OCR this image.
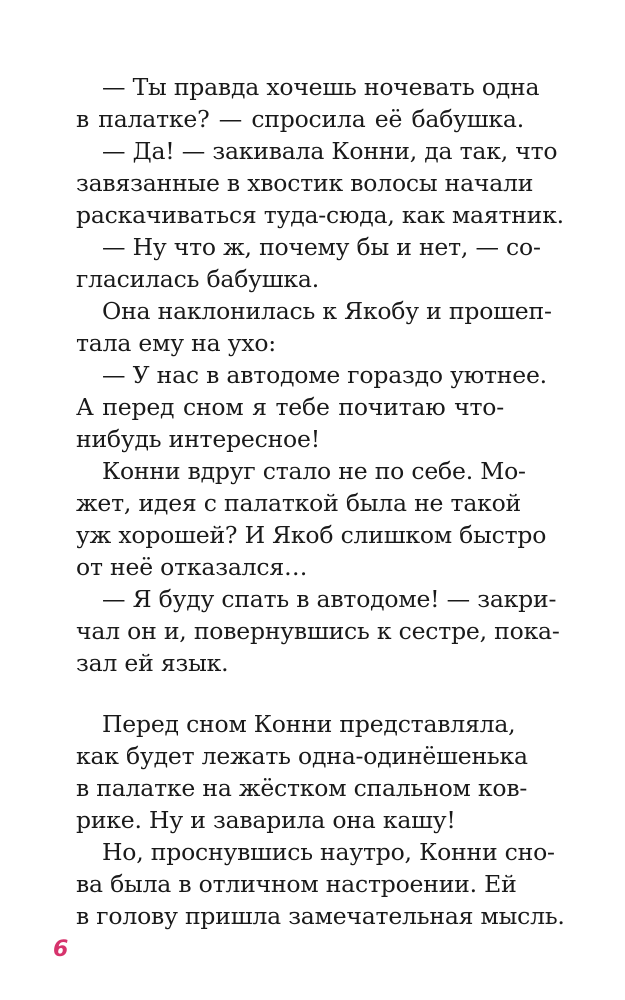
— Ты правда хочешь ночевать одна
в палатке? — спросила её бабушка.
— Да! — закивала Конни, да так, что
завязанные в хвостик волосы начали
раскачиваться туда-сюда, как маятник.
— Ну что ж, почему бы и нет, — со-
гласилась бабушка.
Она наклонилась к Якобу и прошеп-
тала ему на ухо:
— У нас в автодоме гораздо уютнее.
А перед сном я тебе почитаю что-
нибудь интересное!
Конни вдруг стало не по себе. Мо-
жет, идея с палаткой была не такой
уж хорошей? И Якоб слишком быстро
от неё отказался…
— Я буду спать в автодоме! — закри-
чал он и, повернувшись к сестре, пока-
зал ей язык.
Перед сном Конни представляла,
как будет лежать одна-одинёшенька
в палатке на жёстком спальном ков-
рике. Ну и заварила она кашу!
Но, проснувшись наутро, Конни сно-
ва была в отличном настроении. Ей
в голову пришла замечательная мысль.
6
